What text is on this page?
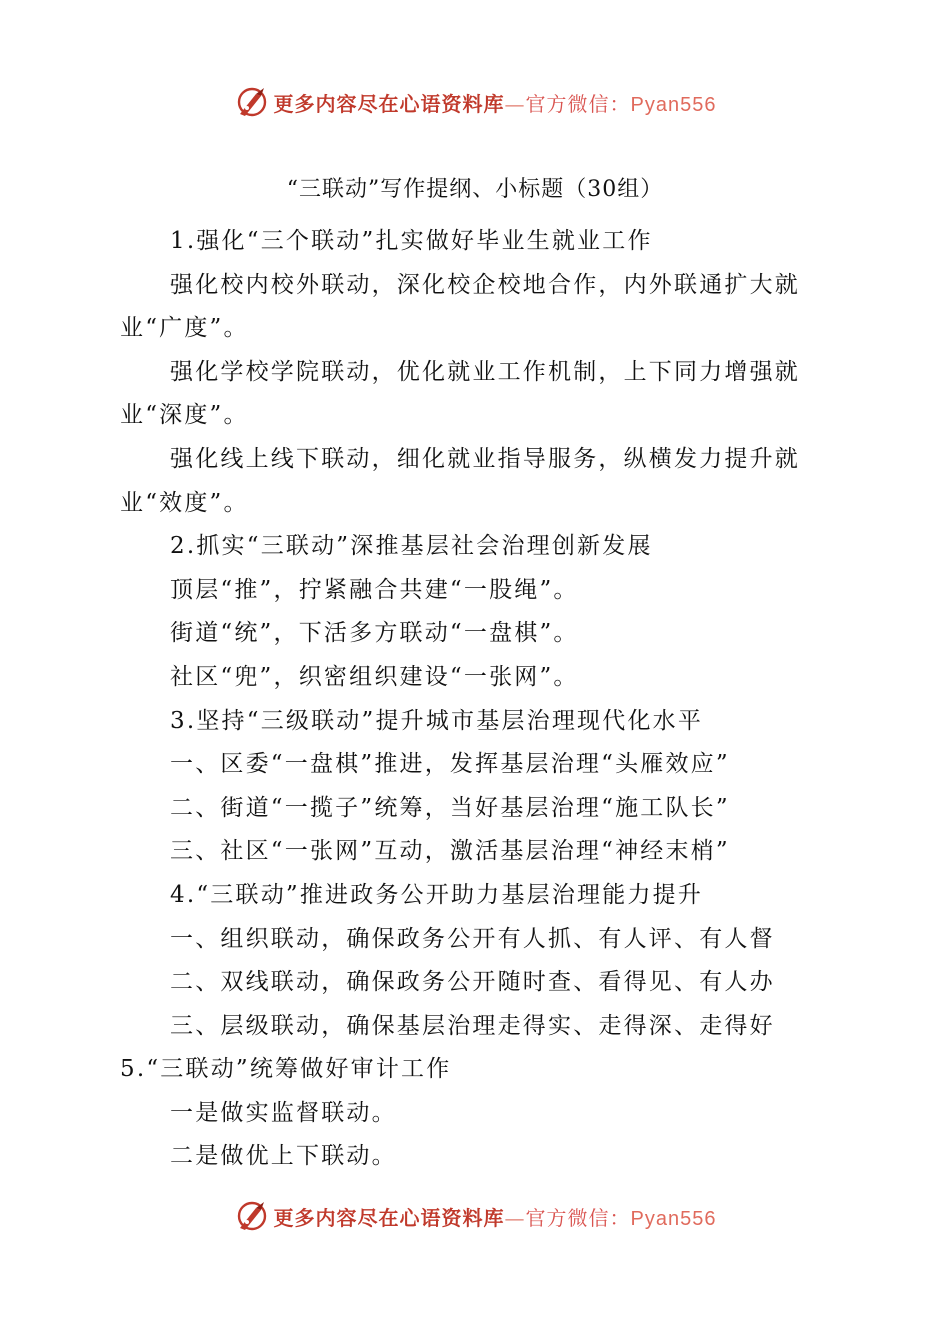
更多内容尽在心语资料库—官方微信：Pyan556
“三联动”写作提纲、小标题（30组）
1.强化“三个联动”扎实做好毕业生就业工作
强化校内校外联动，深化校企校地合作，内外联通扩大就
业“广度”。
强化学校学院联动，优化就业工作机制，上下同力增强就
业“深度”。
强化线上线下联动，细化就业指导服务，纵横发力提升就
业“效度”。
2.抓实“三联动”深推基层社会治理创新发展
顶层“推”，拧紧融合共建“一股绳”。
街道“统”，下活多方联动“一盘棋”。
社区“兜”，织密组织建设“一张网”。
3.坚持“三级联动”提升城市基层治理现代化水平
一、区委“一盘棋”推进，发挥基层治理“头雁效应”
二、街道“一揽子”统筹，当好基层治理“施工队长”
三、社区“一张网”互动，激活基层治理“神经末梢”
4.“三联动”推进政务公开助力基层治理能力提升
一、组织联动，确保政务公开有人抓、有人评、有人督
二、双线联动，确保政务公开随时查、看得见、有人办
三、层级联动，确保基层治理走得实、走得深、走得好
5.“三联动”统筹做好审计工作
一是做实监督联动。
二是做优上下联动。
更多内容尽在心语资料库—官方微信：Pyan556
